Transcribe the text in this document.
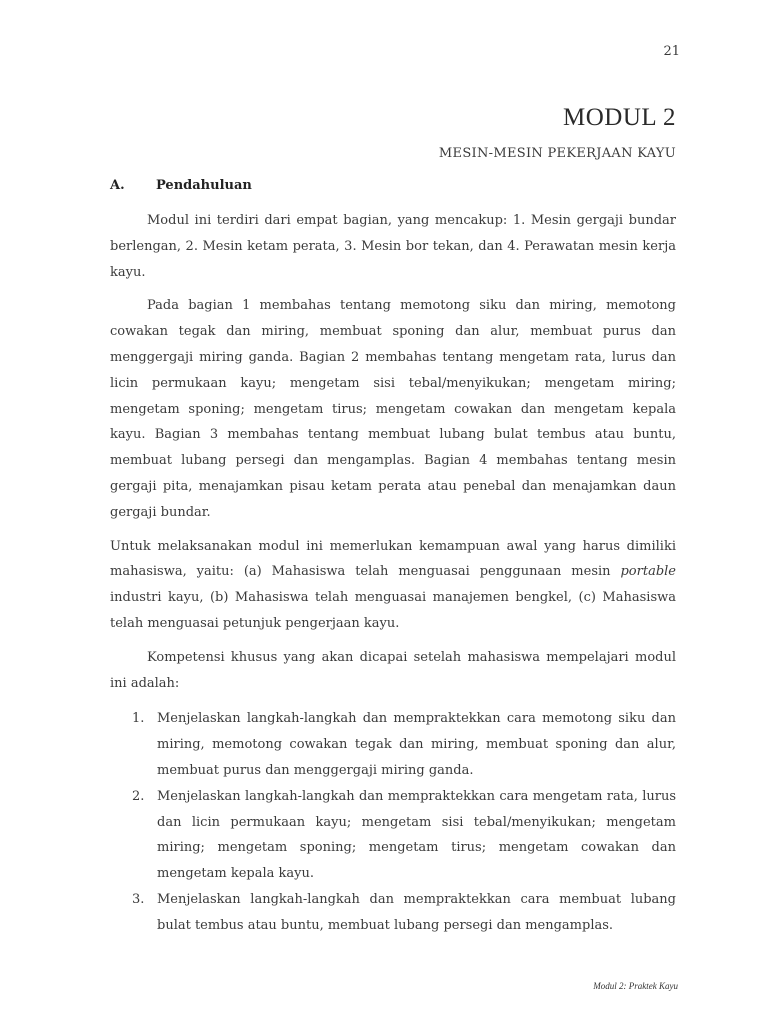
21
MODUL 2
MESIN-MESIN PEKERJAAN KAYU
A. Pendahuluan

Modul ini terdiri dari empat bagian, yang mencakup: 1. Mesin gergaji bundar berlengan, 2. Mesin ketam perata, 3. Mesin bor tekan, dan 4. Perawatan mesin kerja kayu.

Pada bagian 1 membahas tentang memotong siku dan miring, memotong cowakan tegak dan miring, membuat sponing dan alur, membuat purus dan menggergaji miring ganda. Bagian 2 membahas tentang mengetam rata, lurus dan licin permukaan kayu; mengetam sisi tebal/menyikukan; mengetam miring; mengetam sponing; mengetam tirus; mengetam cowakan dan mengetam kepala kayu. Bagian 3 membahas tentang membuat lubang bulat tembus atau buntu, membuat lubang persegi dan mengamplas. Bagian 4 membahas tentang mesin gergaji pita, menajamkan pisau ketam perata atau penebal dan menajamkan daun gergaji bundar.

Untuk melaksanakan modul ini memerlukan kemampuan awal yang harus dimiliki mahasiswa, yaitu: (a) Mahasiswa telah menguasai penggunaan mesin portable industri kayu, (b) Mahasiswa telah menguasai manajemen bengkel, (c) Mahasiswa telah menguasai petunjuk pengerjaan kayu.

Kompetensi khusus yang akan dicapai setelah mahasiswa mempelajari modul ini adalah:

1. Menjelaskan langkah-langkah dan mempraktekkan cara memotong siku dan miring, memotong cowakan tegak dan miring, membuat sponing dan alur, membuat purus dan menggergaji miring ganda.
2. Menjelaskan langkah-langkah dan mempraktekkan cara mengetam rata, lurus dan licin permukaan kayu; mengetam sisi tebal/menyikukan; mengetam miring; mengetam sponing; mengetam tirus; mengetam cowakan dan mengetam kepala kayu.
3. Menjelaskan langkah-langkah dan mempraktekkan cara membuat lubang bulat tembus atau buntu, membuat lubang persegi dan mengamplas.
Modul 2: Praktek Kayu
